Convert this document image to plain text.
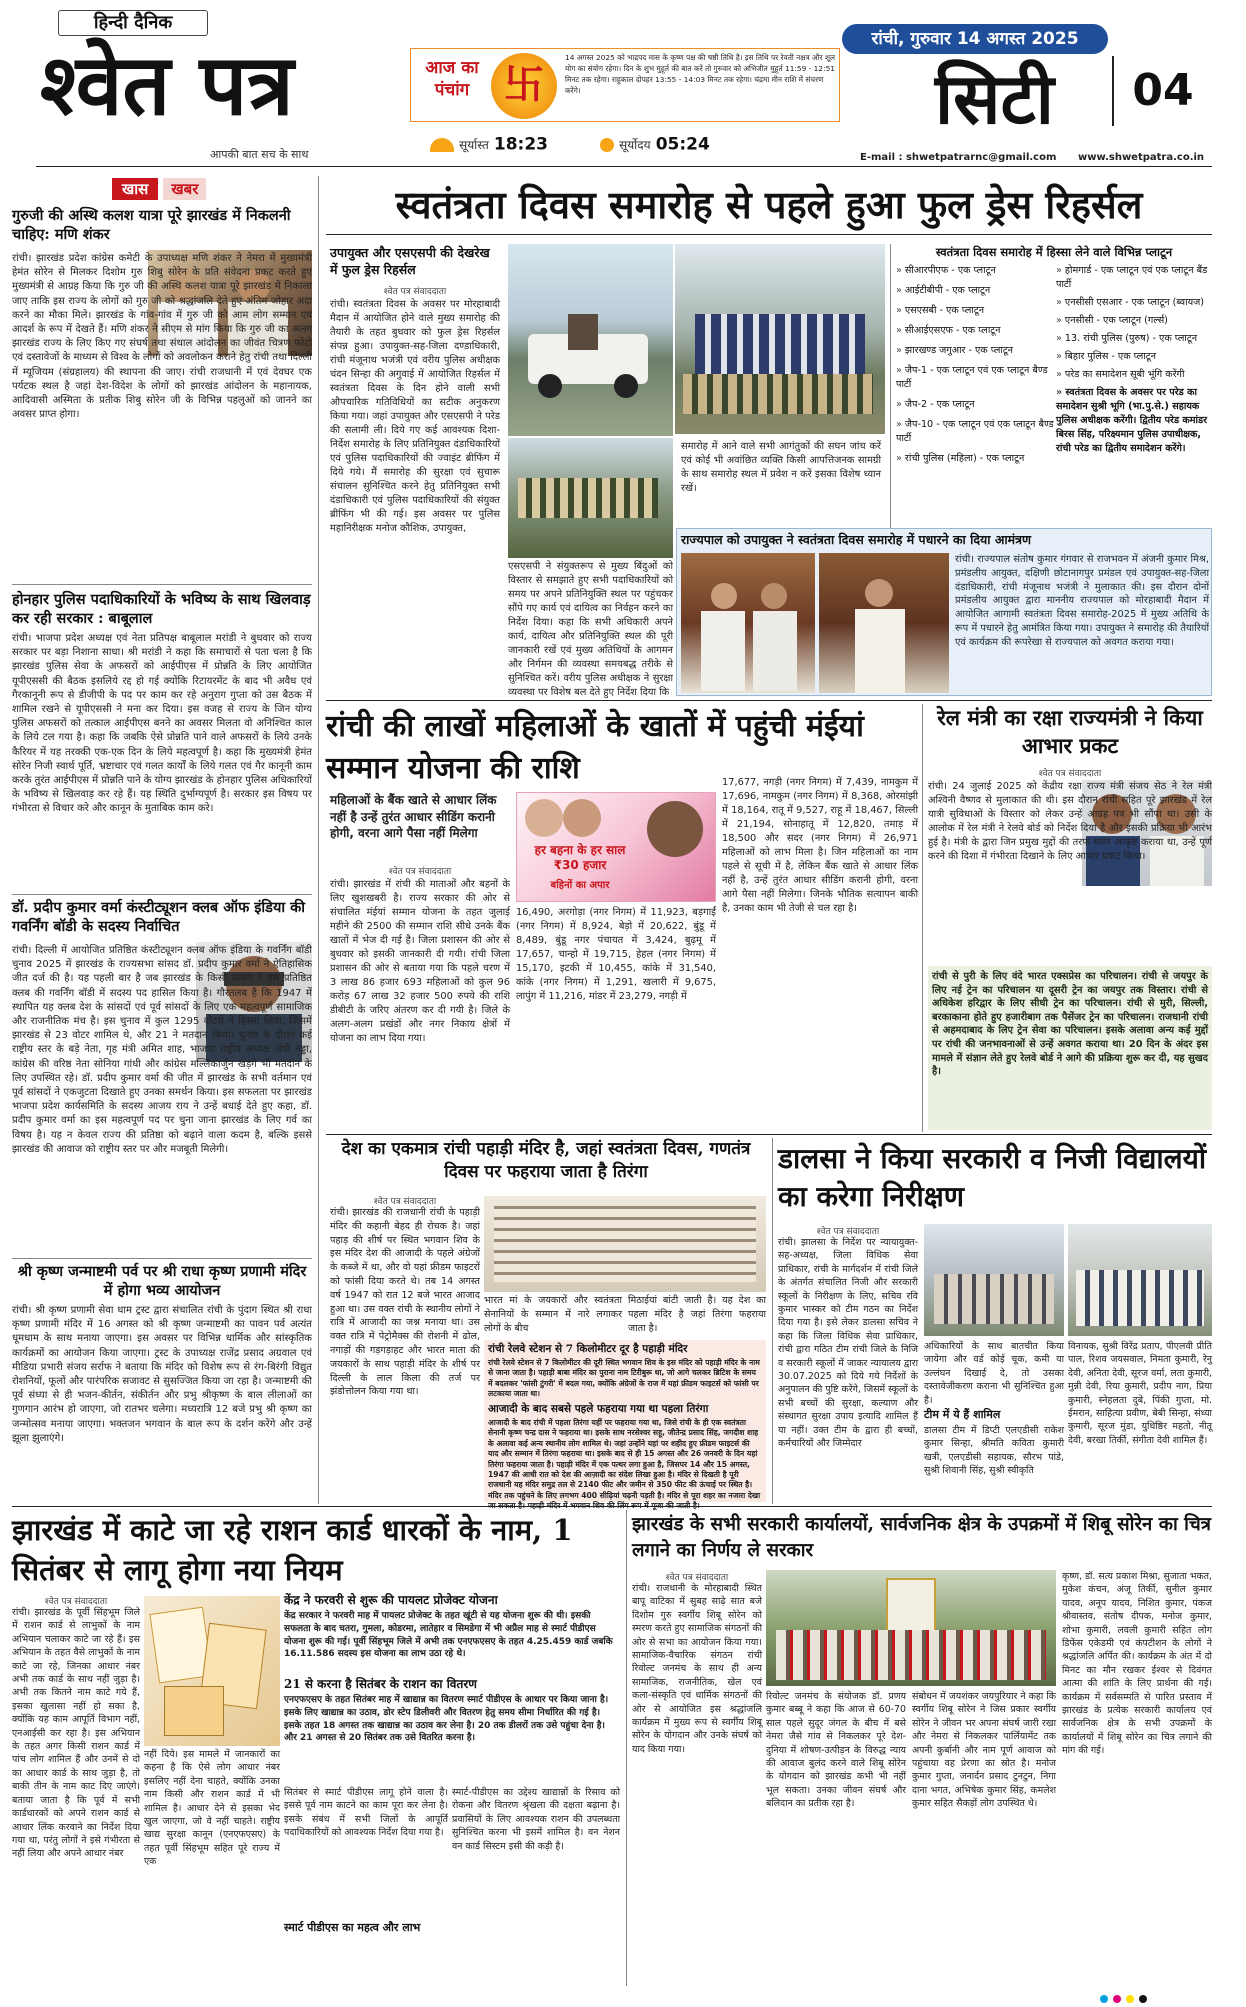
हिन्दी दैनिक
श्वेत पत्र
आपकी बात सच के साथ
आज का पंचांग 卐
14 अगस्त 2025 को भाद्रपद मास के कृष्ण पक्ष की षष्ठी तिथि है। इस तिथि पर रेवती नक्षत्र और शूल योग का संयोग रहेगा। दिन के शुभ मुहूर्त की बात करें तो गुरुवार को अभिजीत मुहूर्त 11:59 - 12:51 मिनट तक रहेगा। राहुकाल दोपहर 13:55 - 14:03 मिनट तक रहेगा। चंद्रमा मीन राशि में संचरण करेंगे।
सूर्यास्त 18:23	सूर्योदय 05:24
रांची, गुरुवार 14 अगस्त 2025
सिटी	04
E-mail : shwetpatrarnc@gmail.com www.shwetpatra.co.in
खास खबर
गुरुजी की अस्थि कलश यात्रा पूरे झारखंड में निकलनी चाहिए: मणि शंकर
रांची। झारखंड प्रदेश कांग्रेस कमेटी के उपाध्यक्ष मणि शंकर ने नेमरा में मुख्यमंत्री हेमंत सोरेन से मिलकर दिशोम गुरु शिबु सोरेन के प्रति संवेदना प्रकट करते हुए मुख्यमंत्री से आग्रह किया कि गुरु जी की अस्थि कलश यात्रा पूरे झारखंड में निकाला जाए ताकि इस राज्य के लोगों को गुरु जी को श्रद्धांजलि देते हुए अंतिम जोहार अदा करने का मौका मिले। झारखंड के गांव-गांव में गुरु जी को आम लोग सम्मान एवं आदर्श के रूप में देखते हैं। मणि शंकर ने सीएम से मांग किया कि गुरु जी का अलग झारखंड राज्य के लिए किए गए संघर्ष तथा संथाल आंदोलन का जीवंत चित्रण फोटो एवं दस्तावेजों के माध्यम से विश्व के लोगों को अवलोकन कराने हेतु रांची तथा दिल्ली में म्यूजियम (संग्रहालय) की स्थापना की जाए। रांची राजधानी में एवं देवघर एक पर्यटक स्थल है जहां देश-विदेश के लोगों को झारखंड आंदोलन के महानायक, आदिवासी अस्मिता के प्रतीक शिबु सोरेन जी के विभिन्न पहलुओं को जानने का अवसर प्राप्त होगा।
होनहार पुलिस पदाधिकारियों के भविष्य के साथ खिलवाड़ कर रही सरकार : बाबूलाल
रांची। भाजपा प्रदेश अध्यक्ष एवं नेता प्रतिपक्ष बाबूलाल मरांडी ने बुधवार को राज्य सरकार पर बड़ा निशाना साधा। श्री मरांडी ने कहा कि समाचारों से पता चला है कि झारखंड पुलिस सेवा के अफसरों को आईपीएस में प्रोन्नति के लिए आयोजित यूपीएससी की बैठक इसलिये रद्द हो गई क्योंकि रिटायरमेंट के बाद भी अवैध एवं गैरकानूनी रूप से डीजीपी के पद पर काम कर रहे अनुराग गुप्ता को उस बैठक में शामिल रखने से यूपीएससी ने मना कर दिया। इस वजह से राज्य के जिन योग्य पुलिस अफसरों को तत्काल आईपीएस बनने का अवसर मिलता वो अनिश्चित काल के लिये टल गया है। कहा कि जबकि ऐसे प्रोन्नति पाने वाले अफसरों के लिये उनके कैरियर में यह तरक्की एक-एक दिन के लिये महत्वपूर्ण है। कहा कि मुख्यमंत्री हेमंत सोरेन निजी स्वार्थ पूर्ति, भ्रष्टाचार एवं गलत कार्यों के लिये गलत एवं गैर कानूनी काम करके तुरंत आईपीएस में प्रोन्नति पाने के योग्य झारखंड के होनहार पुलिस अधिकारियों के भविष्य से खिलवाड़ कर रहे हैं। यह स्थिति दुर्भाग्यपूर्ण है। सरकार इस विषय पर गंभीरता से विचार करे और कानून के मुताबिक काम करे।
डॉ. प्रदीप कुमार वर्मा कंस्टीट्यूशन क्लब ऑफ इंडिया की गवर्निंग बॉडी के सदस्य निर्वाचित
रांची। दिल्ली में आयोजित प्रतिष्ठित कंस्टीट्यूशन क्लब ऑफ इंडिया के गवर्निंग बॉडी चुनाव 2025 में झारखंड के राज्यसभा सांसद डॉ. प्रदीप कुमार वर्मा ने ऐतिहासिक जीत दर्ज की है। यह पहली बार है जब झारखंड के किसी सांसद ने इस प्रतिष्ठित क्लब की गवर्निंग बॉडी में सदस्य पद हासिल किया है। गौरतलब है कि 1947 में स्थापित यह क्लब देश के सांसदों एवं पूर्व सांसदों के लिए एक महत्वपूर्ण सामाजिक और राजनीतिक मंच है। इस चुनाव में कुल 1295 वोटरों ने हिस्सा लिया, जिसमें झारखंड से 23 वोटर शामिल थे, और 21 ने मतदान किया। चुनाव के दौरान कई राष्ट्रीय स्तर के बड़े नेता, गृह मंत्री अमित शाह, भाजपा राष्ट्रीय अध्यक्ष जेपी नड्डा, कांग्रेस की वरिष्ठ नेता सोनिया गांधी और कांग्रेस मल्लिकार्जुन खड़गे भी मतदान के लिए उपस्थित रहे। डॉ. प्रदीप कुमार वर्मा की जीत में झारखंड के सभी वर्तमान एवं पूर्व सांसदों ने एकजुटता दिखाते हुए उनका समर्थन किया। इस सफलता पर झारखंड भाजपा प्रदेश कार्यसमिति के सदस्य आजय राय ने उन्हें बधाई देते हुए कहा, डॉ. प्रदीप कुमार वर्मा का इस महत्वपूर्ण पद पर चुना जाना झारखंड के लिए गर्व का विषय है। यह न केवल राज्य की प्रतिष्ठा को बढ़ाने वाला कदम है, बल्कि इससे झारखंड की आवाज को राष्ट्रीय स्तर पर और मजबूती मिलेगी।
श्री कृष्ण जन्माष्टमी पर्व पर श्री राधा कृष्ण प्रणामी मंदिर में होगा भव्य आयोजन
रांची। श्री कृष्ण प्रणामी सेवा धाम ट्रस्ट द्वारा संचालित रांची के पुंदाग स्थित श्री राधा कृष्ण प्रणामी मंदिर में 16 अगस्त को श्री कृष्ण जन्माष्टमी का पावन पर्व अत्यंत धूमधाम के साथ मनाया जाएगा। इस अवसर पर विभिन्न धार्मिक और सांस्कृतिक कार्यक्रमों का आयोजन किया जाएगा। ट्रस्ट के उपाध्यक्ष राजेंद्र प्रसाद अग्रवाल एवं मीडिया प्रभारी संजय सर्राफ ने बताया कि मंदिर को विशेष रूप से रंग-बिरंगी विद्युत रोशनियों, फूलों और पारंपरिक सजावट से सुसज्जित किया जा रहा है। जन्माष्टमी की पूर्व संध्या से ही भजन-कीर्तन, संकीर्तन और प्रभु श्रीकृष्ण के बाल लीलाओं का गुणगान आरंभ हो जाएगा, जो रातभर चलेगा। मध्यरात्रि 12 बजे प्रभु श्री कृष्ण का जन्मोत्सव मनाया जाएगा। भक्तजन भगवान के बाल रूप के दर्शन करेंगे और उन्हें झूला झुलाएंगे।
स्वतंत्रता दिवस समारोह से पहले हुआ फुल ड्रेस रिहर्सल
उपायुक्त और एसएसपी की देखरेख में फुल ड्रेस रिहर्सल
श्वेत पत्र संवाददाता
रांची। स्वतंत्रता दिवस के अवसर पर मोरहाबादी मैदान में आयोजित होने वाले मुख्य समारोह की तैयारी के तहत बुधवार को फुल ड्रेस रिहर्सल संपन्न हुआ। उपायुक्त-सह-जिला दण्डाधिकारी, रांची मंजूनाथ भजंत्री एवं वरीय पुलिस अधीक्षक चंदन सिन्हा की अगुवाई में आयोजित रिहर्सल में स्वतंत्रता दिवस के दिन होने वाली सभी औपचारिक गतिविधियों का सटीक अनुकरण किया गया। जहां उपायुक्त और एसएसपी ने परेड की सलामी ली। दिये गए कई आवश्यक दिशा-निर्देश समारोह के लिए प्रतिनियुक्त दंडाधिकारियों एवं पुलिस पदाधिकारियों की ज्वाइंट ब्रीफिंग में दिये गये। मैं समारोह की सुरक्षा एवं सुचारू संचालन सुनिश्चित करने हेतु प्रतिनियुक्त सभी दंडाधिकारी एवं पुलिस पदाधिकारियों की संयुक्त ब्रीफिंग भी की गई। इस अवसर पर पुलिस महानिरीक्षक मनोज कौशिक, उपायुक्त,
एसएसपी ने संयुक्तरूप से मुख्य बिंदुओं को विस्तार से समझाते हुए सभी पदाधिकारियों को समय पर अपने प्रतिनियुक्ति स्थल पर पहुंचकर सौंपे गए कार्य एवं दायित्व का निर्वहन करने का निर्देश दिया। कहा कि सभी अधिकारी अपने कार्य, दायित्व और प्रतिनियुक्ति स्थल की पूरी जानकारी रखें एवं मुख्य अतिथियों के आगमन और निर्गमन की व्यवस्था समयबद्ध तरीके से सुनिश्चित करें। वरीय पुलिस अधीक्षक ने सुरक्षा व्यवस्था पर विशेष बल देते हुए निर्देश दिया कि
समारोह में आने वाले सभी आगंतुकों की सघन जांच करें एवं कोई भी अवांछित व्यक्ति किसी आपत्तिजनक सामग्री के साथ समारोह स्थल में प्रवेश न करें इसका विशेष ध्यान रखें।
स्वतंत्रता दिवस समारोह में हिस्सा लेने वाले विभिन्न प्लाटून
» सीआरपीएफ - एक प्लाटून
» आईटीबीपी - एक प्लाटून
» एसएसबी - एक प्लाटून
» सीआईएसएफ - एक प्लाटून
» झारखण्ड जगुआर - एक प्लाटून
» जैप-1 - एक प्लाटून एवं एक प्लाटून बैण्ड पार्टी
» जैप-2 - एक प्लाटून
» जैप-10 - एक प्लाटून एवं एक प्लाटून बैण्ड पार्टी
» रांची पुलिस (महिला) - एक प्लाटून
» होमगार्ड - एक प्लाटून एवं एक प्लाटून बैंड पार्टी
» एनसीसी एसआर - एक प्लाटून (ब्वायज)
» एनसीसी - एक प्लाटून (गर्ल्स)
» 13. रांची पुलिस (पुरुष) - एक प्लाटून
» बिहार पुलिस - एक प्लाटून
» परेड का समादेशन सूबी भूंगि करेंगी
» स्वतंत्रता दिवस के अवसर पर परेड का समादेशन सुश्री भूगि (भा.पु.से.) सहायक पुलिस अधीक्षक करेंगी। द्वितीय परेड कमांडर बिरस सिंह, परिक्ष्यमान पुलिस उपाधीक्षक, रांची परेड का द्वितीय समादेशन करेंगे।
राज्यपाल को उपायुक्त ने स्वतंत्रता दिवस समारोह में पधारने का दिया आमंत्रण
रांची। राज्यपाल संतोष कुमार गंगवार से राजभवन में अंजनी कुमार मिश्र, प्रमंडलीय आयुक्त, दक्षिणी छोटानागपुर प्रमंडल एवं उपायुक्त-सह-जिला दंडाधिकारी, रांची मंजूनाथ भजंत्री ने मुलाकात की। इस दौरान दोनों प्रमंडलीय आयुक्त द्वारा माननीय राज्यपाल को मोरहाबादी मैदान में आयोजित आगामी स्वतंत्रता दिवस समारोह-2025 में मुख्य अतिथि के रूप में पधारने हेतु आमंत्रित किया गया। उपायुक्त ने समारोह की तैयारियों एवं कार्यक्रम की रूपरेखा से राज्यपाल को अवगत कराया गया।
रांची की लाखों महिलाओं के खातों में पहुंची मंईयां सम्मान योजना की राशि
महिलाओं के बैंक खाते से आधार लिंक नहीं है उन्हें तुरंत आधार सीडिंग करानी होगी, वरना आगे पैसा नहीं मिलेगा
श्वेत पत्र संवाददाता
रांची। झारखंड में रांची की माताओं और बहनों के लिए खुशखबरी है। राज्य सरकार की ओर से संचालित मंईयां सम्मान योजना के तहत जुलाई महीने की 2500 की सम्मान राशि सीधे उनके बैंक खातों में भेज दी गई है। जिला प्रशासन की ओर से बुधवार को इसकी जानकारी दी गयी। रांची जिला प्रशासन की ओर से बताया गया कि पहले चरण में 3 लाख 86 हजार 693 महिलाओं को कुल 96 करोड़ 67 लाख 32 हजार 500 रुपये की राशि डीबीटी के जरिए अंतरण कर दी गयी है। जिले के अलग-अलग प्रखंडों और नगर निकाय क्षेत्रों में योजना का लाभ दिया गया।
हर बहना के हर साल ₹30 हजार
बहिनों का अपार
16,490, अरगोड़ा (नगर निगम) में 11,923, बड़गाईं (नगर निगम) में 8,924, बेड़ो में 20,622, बुंडू में 8,489, बुंडू नगर पंचायत में 3,424, बुढ़मू में 17,657, चान्हो में 19,715, हेहल (नगर निगम) में 15,170, इटकी में 10,455, कांके में 31,540, कांके (नगर निगम) में 1,291, खलारी में 9,675, लापुंग में 11,216, मांडर में 23,279, नगड़ी में
17,677, नगड़ी (नगर निगम) में 7,439, नामकुम में 17,696, नामकुम (नगर निगम) में 8,368, ओरमांझी में 18,164, रातू में 9,527, राहू में 18,467, सिल्ली में 21,194, सोनाहातू में 12,820, तमाड़ में 18,500 और सदर (नगर निगम) में 26,971 महिलाओं को लाभ मिला है। जिन महिलाओं का नाम पहले से सूची में है, लेकिन बैंक खाते से आधार लिंक नहीं है, उन्हें तुरंत आधार सीडिंग करानी होगी, वरना आगे पैसा नहीं मिलेगा। जिनके भौतिक सत्यापन बाकी है, उनका काम भी तेजी से चल रहा है।
रेल मंत्री का रक्षा राज्यमंत्री ने किया आभार प्रकट
श्वेत पत्र संवाददाता
रांची। 24 जुलाई 2025 को केंद्रीय रक्षा राज्य मंत्री संजय सेठ ने रेल मंत्री अश्विनी वैष्णव से मुलाकात की थी। इस दौरान रांची सहित पूरे झारखंड में रेल यात्री सुविधाओं के विस्तार को लेकर उन्हें आग्रह पत्र भी सौंपा था। उसी के आलोक में रेल मंत्री ने रेलवे बोर्ड को निर्देश दिया है और इसकी प्रक्रिया भी आरंभ हुई है। मंत्री के द्वारा जिन प्रमुख मुद्दों की तरफ ध्यान आकृष्ट कराया था, उन्हें पूर्ण करने की दिशा में गंभीरता दिखाने के लिए आभार प्रकट किया।
रांची से पुरी के लिए वंदे भारत एक्सप्रेस का परिचालन। रांची से जयपुर के लिए नई ट्रेन का परिचालन या दूसरी ट्रेन का जयपुर तक विस्तार। रांची से अधिकेश हरिद्वार के लिए सीधी ट्रेन का परिचालन। रांची से मुरी, सिल्ली, बरकाकाना होते हुए हजारीबाग तक पैसेंजर ट्रेन का परिचालन। राजधानी रांची से अहमदाबाद के लिए ट्रेन सेवा का परिचालन। इसके अलावा अन्य कई मुद्दों पर रांची की जनभावनाओं से उन्हें अवगत कराया था। 20 दिन के अंदर इस मामले में संज्ञान लेते हुए रेलवे बोर्ड ने आगे की प्रक्रिया शुरू कर दी, यह सुखद है।
देश का एकमात्र रांची पहाड़ी मंदिर है, जहां स्वतंत्रता दिवस, गणतंत्र दिवस पर फहराया जाता है तिरंगा
श्वेत पत्र संवाददाता
रांची। झारखंड की राजधानी रांची के पहाड़ी मंदिर की कहानी बेहद ही रोचक है। जहां पहाड़ की शीर्ष पर स्थित भगवान शिव के इस मंदिर देश की आजादी के पहले अंग्रेजों के कब्जे में था, और वो यहां फ्रीडम फाइटरों को फांसी दिया करते थे। तब 14 अगस्त वर्ष 1947 को रात 12 बजे भारत आजाद हुआ था। उस वक्त रांची के स्थानीय लोगों ने रात्रि में आजादी का जश्न मनाया था। उस वक्त रात्रि में पेट्रोमैक्स की रोशनी में ढोल, नगाड़ों की गड़गड़ाहट और भारत माता की जयकारों के साथ पहाड़ी मंदिर के शीर्ष पर दिल्ली के लाल किला की तर्ज पर झंडोत्तोलन किया गया था।
भारत मां के जयकारों और स्वतंत्रता सेनानियों के सम्मान में नारे लगाकर लोगों के बीच
मिठाईयां बांटी जाती है। यह देश का पहला मंदिर है जहां तिरंगा फहराया जाता है।
रांची रेलवे स्टेशन से 7 किलोमीटर दूर है पहाड़ी मंदिर
रांची रेलवे स्टेशन से 7 किलोमीटर की दूरी स्थित भगवान शिव के इस मंदिर को पहाड़ी मंदिर के नाम से जाना जाता है। पहाड़ी बाबा मंदिर का पुराना नाम टिरीबुरू था, जो आगे चलकर ब्रिटिश के समय में बदलकर 'फांसी टुंगरी' में बदल गया, क्योंकि अंग्रेजों के राज में यहां फ्रीडम फाइटर्स को फांसी पर लटकाया जाता था।
आजादी के बाद सबसे पहले फहराया गया था पहला तिरंगा
आजादी के बाद रांची में पहला तिरंगा यहीं पर फहराया गया था, जिसे रांची के ही एक स्वतंत्रता सेनानी कृष्ण चन्द्र दास ने फहराया था। इसके साथ नरसेश्वर सहू, जीतेन्द्र प्रसाद सिंह, जगदीश शाह के अलावा कई अन्य स्थानीय लोग शामिल थे। जहां उन्होंने यहां पर शहीद हुए फ्रीडम फाइटर्स की याद और सम्मान में तिरंगा फहराया था। इसके बाद से ही 15 अगस्त और 26 जनवरी के दिन यहां तिरंगा फहराया जाता है। पहाड़ी मंदिर में एक पत्थर लगा हुआ है, जिसपर 14 और 15 अगस्त, 1947 की आधी रात को देश की आज़ादी का संदेश लिखा हुआ है। मंदिर से दिखती है पूरी राजधानी यह मंदिर समुद्र तल से 2140 फीट और जमीन से 350 फीट की ऊंचाई पर स्थित है। मंदिर तक पहुंचने के लिए लगभग 400 सीढ़ियां चढ़नी पड़ती है। मंदिर से पूरा शहर का नजारा देखा
डालसा ने किया सरकारी व निजी विद्यालयों का करेगा निरीक्षण
श्वेत पत्र संवाददाता
रांची। झालसा के निर्देश पर न्यायायुक्त-सह-अध्यक्ष, जिला विधिक सेवा प्राधिकार, रांची के मार्गदर्शन में रांची जिले के अंतर्गत संचालित निजी और सरकारी स्कूलों के निरीक्षण के लिए, सचिव रवि कुमार भास्कर को टीम गठन का निर्देश दिया गया है। इसे लेकर डालसा सचिव ने कहा कि जिला विधिक सेवा प्राधिकार, रांची द्वारा गठित टीम रांची जिले के निजि व सरकारी स्कूलों में जाकर न्यायालय द्वारा 30.07.2025 को दिये गये निर्देशों के अनुपालन की पुष्टि करेंगे, जिसमें स्कूलों के सभी बच्चों की सुरक्षा, कल्याण और संस्थागत सुरक्षा उपाय इत्यादि शामिल हैं या नहीं। उक्त टीम के द्वारा ही बच्चों, कर्मचारियों और जिम्मेदार
अधिकारियों के साथ बातचीत किया जायेगा और वर्ड कोई चूक, कमी या उल्लंघन दिखाई दे, तो उसका दस्तावेजीकरण कराना भी सुनिश्चित हुआ है।
टीम में ये हैं शामिल
डालसा टीम में डिप्टी एलएडीसी राकेश कुमार सिन्हा, श्रीमति कविता कुमारी खत्री, एलएडीसी सहायक, सौरभ पांडे, सुश्री शिवानी सिंह, सुश्री स्वीकृति
विनायक, सुश्री विरेंद्र प्रताप, पीएलवी प्रीति पाल, रिशव जयसवाल, निमता कुमारी, रेनु देवी, अनिता देवी, सूरज वर्मा, लता कुमारी, मुन्नी देवी, रिया कुमारी, प्रदीप नाग, प्रिया कुमारी, स्नेहलता दुबे, पिंकी गुप्ता, मो. ईमरान, साहित्या प्रवीण, बेबी सिन्हा, संध्या कुमारी, सूरज मुंडा, युधिष्ठिर महतो, नीतू देवी, बरखा तिर्की, संगीता देवी शामिल हैं।
झारखंड में काटे जा रहे राशन कार्ड धारकों के नाम, 1 सितंबर से लागू होगा नया नियम
श्वेत पत्र संवाददाता
रांची। झारखंड के पूर्वी सिंहभूम जिले में राशन कार्ड से लाभुकों के नाम अभियान चलाकर काटे जा रहे हैं। इस अभियान के तहत वैसे लाभुकों के नाम काटे जा रहे, जिनका आधार नंबर अभी तक कार्ड के साथ नहीं जुड़ा है। अभी तक कितने नाम काटे गये हैं, इसका खुलासा नहीं हो सका है, क्योंकि यह काम आपूर्ति विभाग नहीं, एनआईसी कर रहा है। इस अभियान के तहत अगर किसी राशन कार्ड में पांच लोग शामिल हैं और उनमें से दो का आधार कार्ड के साथ जुड़ा है, तो बाकी तीन के नाम काट दिए जाएंगे। बताया जाता है कि पूर्व में सभी कार्डधारकों को अपने राशन कार्ड से आधार लिंक करवाने का निर्देश दिया गया था, परंतु लोगों ने इसे गंभीरता से नहीं लिया और अपने आधार नंबर
केंद्र ने फरवरी से शुरू की पायलट प्रोजेक्ट योजना
केंद्र सरकार ने फरवरी माह में पायलट प्रोजेक्ट के तहत खूंटी से यह योजना शुरू की थी। इसकी सफलता के बाद चतरा, गुमला, कोडरमा, लातेहार व सिमडेगा में भी अप्रैल माह से स्मार्ट पीडीएस योजना शुरू की गई। पूर्वी सिंहभूम जिले में अभी तक एनएफएसए के तहत 4.25.459 कार्ड जबकि 16.11.586 सदस्य इस योजना का लाभ उठा रहे थे।
21 से करना है सितंबर के राशन का वितरण
एनएफएसए के तहत सितंबर माह में खाद्यान्न का वितरण स्मार्ट पीडीएस के आधार पर किया जाना है। इसके लिए खाद्यान्न का उठाव, डोर स्टेप डिलीवरी और वितरण हेतु समय सीमा निर्धारित की गई है। इसके तहत 18 अगस्त तक खाद्यान्न का उठाव कर लेना है। 20 तक डीलरों तक उसे पहुंचा देना है। और 21 अगस्त से 20 सितंबर तक उसे वितरित करना है।
नहीं दिये। इस मामले में जानकारों का कहना है कि ऐसे लोग आधार नंबर इसलिए नहीं देना चाहते, क्योंकि उनका नाम किसी और राशन कार्ड में भी शामिल है। आधार देने से इसका भेद खुल जाएगा, जो वे नहीं चाहते। राष्ट्रीय खाद्य सुरक्षा कानून (एनएफएसए) के तहत पूर्वी सिंहभूम सहित पूरे राज्य में एक
सितंबर से स्मार्ट पीडीएस लागू होने वाला है। इससे पूर्व नाम काटने का काम पूरा कर लेना है। इसके संबंध में सभी जिलों के आपूर्ति पदाधिकारियों को आवश्यक निर्देश दिया गया है।
स्मार्ट पीडीएस का महत्व और लाभ
स्मार्ट-पीडीएस का उद्देश्य खाद्यान्नों के रिसाव को रोकना और वितरण श्रृंखला की दक्षता बढ़ाना है। प्रवासियों के लिए आवश्यक राशन की उपलब्धता सुनिश्चित करना भी इसमें शामिल है। वन नेशन वन कार्ड सिस्टम इसी की कड़ी है।
झारखंड के सभी सरकारी कार्यालयों, सार्वजनिक क्षेत्र के उपक्रमों में शिबू सोरेन का चित्र लगाने का निर्णय ले सरकार
श्वेत पत्र संवाददाता
रांची। राजधानी के मोरहाबादी स्थित बापू वाटिका में सुबह साढ़े सात बजे दिशोम गुरु स्वर्गीय शिबू सोरेन को स्मरण करते हुए सामाजिक संगठनों की ओर से सभा का आयोजन किया गया। सामाजिक-वैचारिक संगठन रांची रिवोल्ट जनमंच के साथ ही अन्य सामाजिक, राजनीतिक, खेल एवं कला-संस्कृति एवं धार्मिक संगठनों की ओर से आयोजित इस श्रद्धांजलि कार्यक्रम में मुख्य रूप से स्वर्गीय शिबू सोरेन के योगदान और उनके संघर्ष को याद किया गया।
रिवोल्ट जनमंच के संयोजक डॉ. प्रणय कुमार बब्बू ने कहा कि आज से 60-70 साल पहले सुदूर जंगल के बीच में बसे नेमरा जैसे गांव से निकलकर पूरे देश-दुनिया में शोषण-उत्पीड़न के विरुद्ध न्याय की आवाज बुलंद करने वाले शिबू सोरेन के योगदान को झारखंड कभी भी नहीं भूल सकता। उनका जीवन संघर्ष और बलिदान का प्रतीक रहा है।
संबोधन में जयशंकर जयपुरियार ने कहा कि स्वर्गीय शिबू सोरेन ने जिस प्रकार स्वर्गीय सोरेन ने जीवन भर अपना संघर्ष जारी रखा और नेमरा से निकलकर पार्लियामेंट तक अपनी कुर्बानी और नाम पूर्ण आवाज को पहुंचाया वह प्रेरणा का स्रोत है। मनोज कुमार गुप्ता, जनार्दन प्रसाद टुनटुन, निगा दाना भगत, अभिषेक कुमार सिंह, कमलेश कुमार सहित सैकड़ों लोग उपस्थित थे।
कृष्ण, डॉ. सत्य प्रकाश मिश्रा, सुजाता भकत, मुकेश कंचन, अंजू तिर्की, सुनील कुमार यादव, अनूप यादव, निशित कुमार, पंकज श्रीवास्तव, संतोष दीपक, मनोज कुमार, शोभा कुमारी, लवली कुमारी सहित लोग डिफेंस एकेडमी एवं कंपटीशन के लोगों ने श्रद्धांजलि अर्पित की। कार्यक्रम के अंत में दो मिनट का मौन रखकर ईश्वर से दिवंगत आत्मा की शांति के लिए प्रार्थना की गई। कार्यक्रम में सर्वसम्मति से पारित प्रस्ताव में झारखंड के प्रत्येक सरकारी कार्यालय एवं सार्वजनिक क्षेत्र के सभी उपक्रमों के कार्यालयों में शिबू सोरेन का चित्र लगाने की मांग की गई।
